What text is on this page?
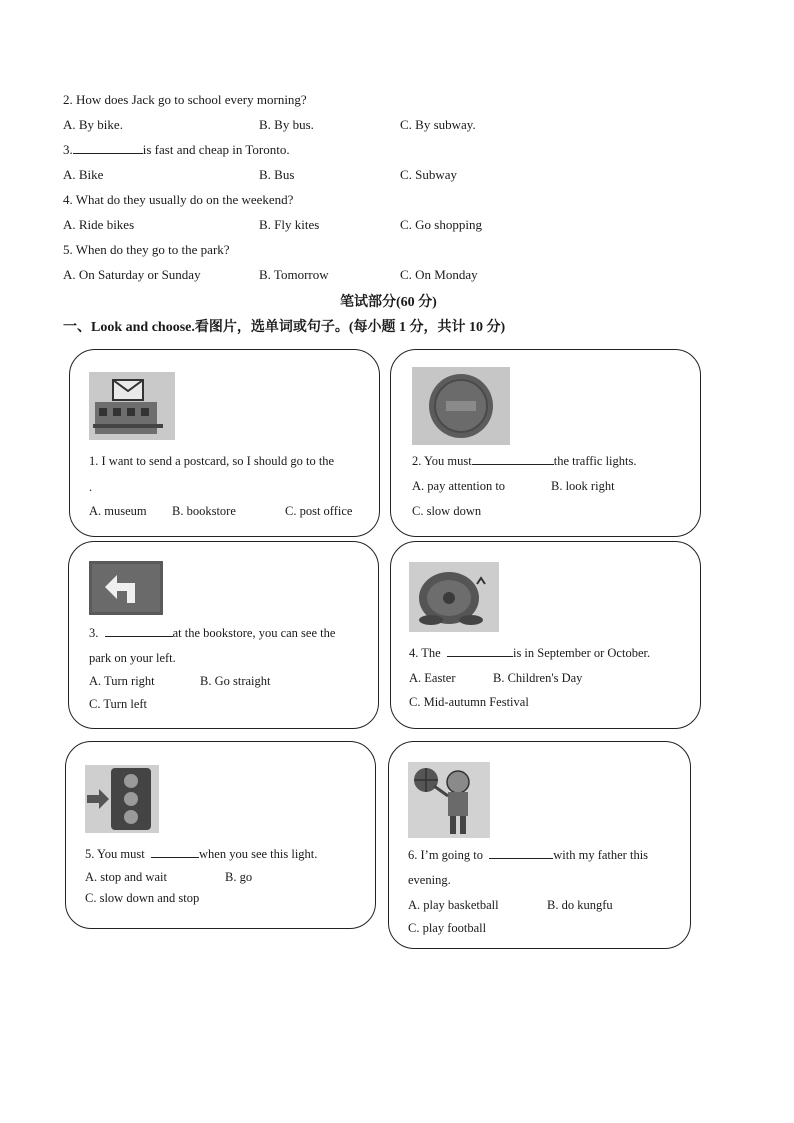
2. How does Jack go to school every morning?
A. By bike.	B. By bus.	C. By subway.
3.	is fast and cheap in Toronto.
A. Bike	B. Bus	C. Subway
4. What do they usually do on the weekend?
A. Ride bikes	B. Fly kites	C. Go shopping
5. When do they go to the park?
A. On Saturday or Sunday	B. Tomorrow	C. On Monday
笔试部分(60 分)
一、Look and choose.看图片，选单词或句子。(每小题 1 分，共计 10 分)
1. I want to send a postcard, so I should go to the
.
A. museum B. bookstore	C. post office
2. You must	the traffic lights.
A. pay attention to	B. look right
C. slow down
3.	at the bookstore, you can see the
park on your left.
A. Turn right	B. Go straight
C. Turn left
4. The	is in September or October.
A. Easter	B. Children's Day
C. Mid-autumn Festival
5. You must	when you see this light.
A. stop and wait	B. go
C. slow down and stop
6. I’m going to	with my father this
evening.
A. play basketball	B. do kungfu
C. play football
